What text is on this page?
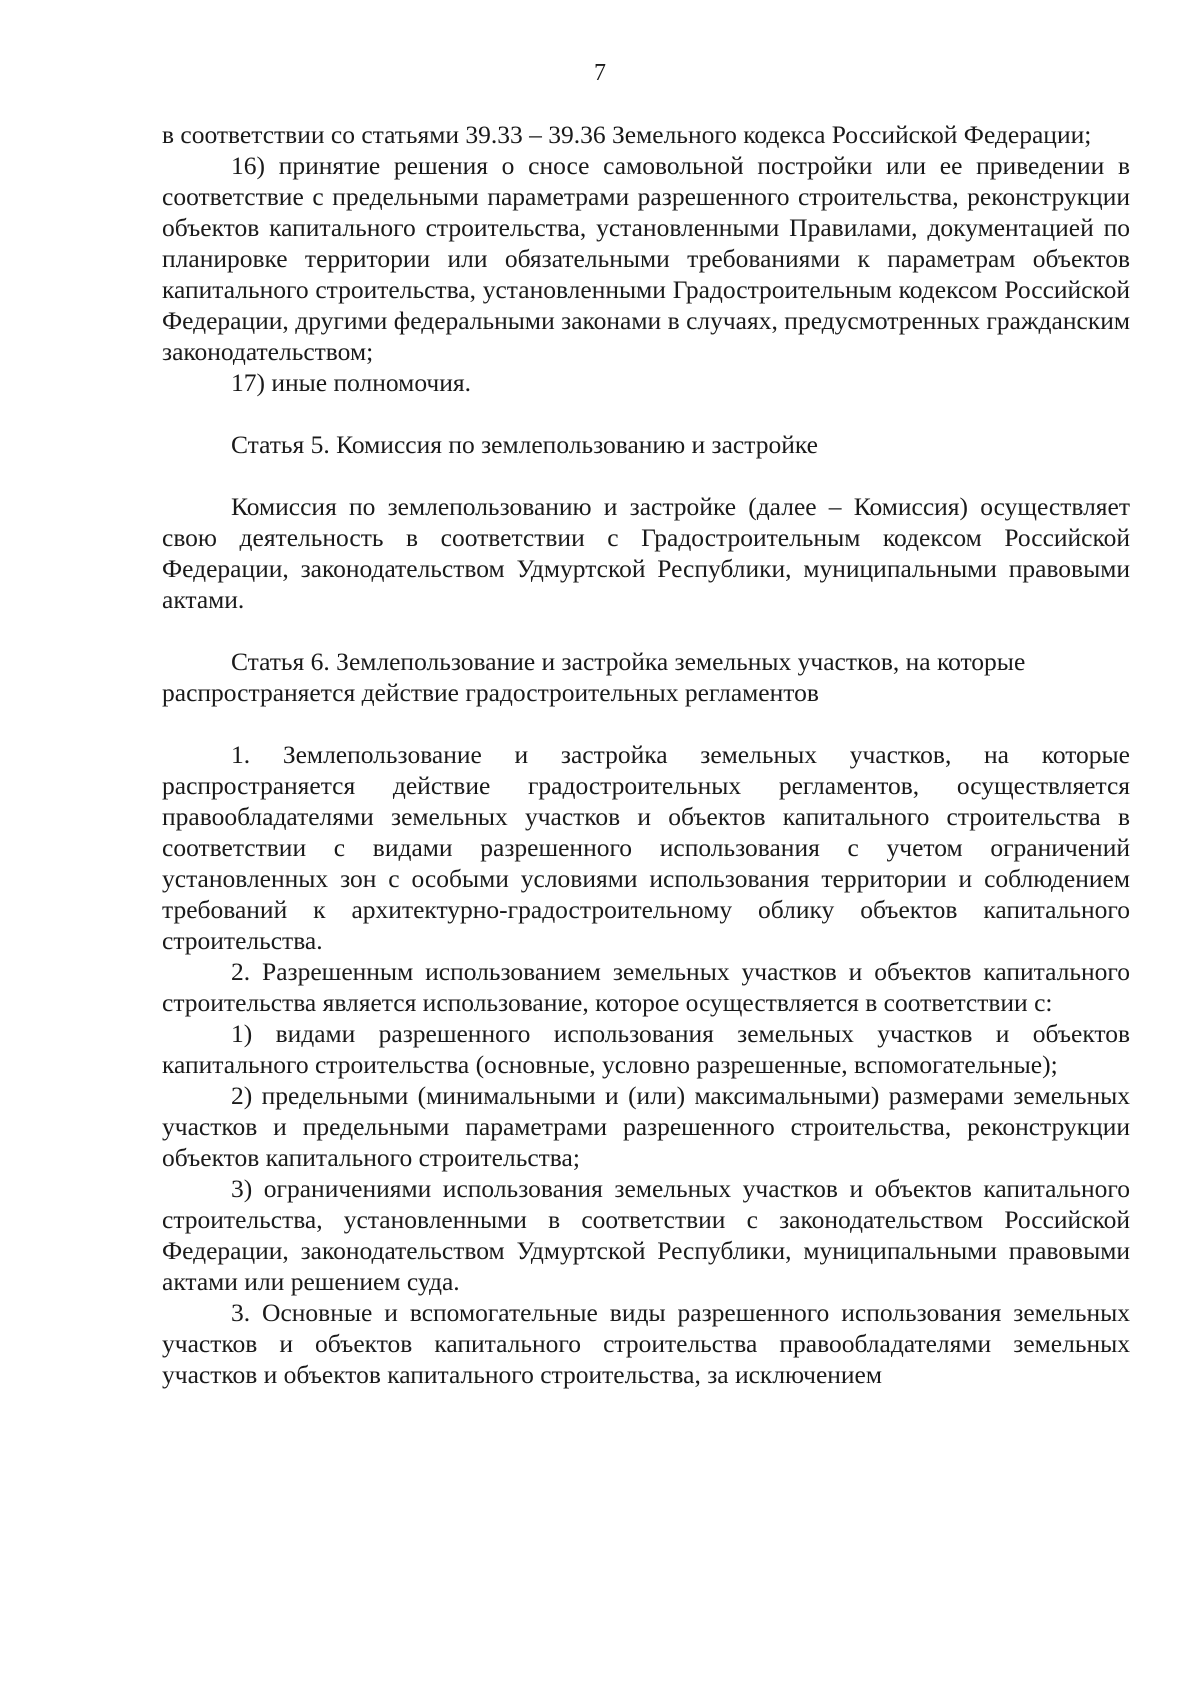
7

в соответствии со статьями 39.33 – 39.36 Земельного кодекса Российской Федерации;

16) принятие решения о сносе самовольной постройки или ее приведении в соответствие с предельными параметрами разрешенного строительства, реконструкции объектов капитального строительства, установленными Правилами, документацией по планировке территории или обязательными требованиями к параметрам объектов капитального строительства, установленными Градостроительным кодексом Российской Федерации, другими федеральными законами в случаях, предусмотренных гражданским законодательством;

17) иные полномочия.

Статья 5. Комиссия по землепользованию и застройке

Комиссия по землепользованию и застройке (далее – Комиссия) осуществляет свою деятельность в соответствии с Градостроительным кодексом Российской Федерации, законодательством Удмуртской Республики, муниципальными правовыми актами.

Статья 6. Землепользование и застройка земельных участков, на которые распространяется действие градостроительных регламентов

1. Землепользование и застройка земельных участков, на которые распространяется действие градостроительных регламентов, осуществляется правообладателями земельных участков и объектов капитального строительства в соответствии с видами разрешенного использования с учетом ограничений установленных зон с особыми условиями использования территории и соблюдением требований к архитектурно-градостроительному облику объектов капитального строительства.

2. Разрешенным использованием земельных участков и объектов капитального строительства является использование, которое осуществляется в соответствии с:

1) видами разрешенного использования земельных участков и объектов капитального строительства (основные, условно разрешенные, вспомогательные);

2) предельными (минимальными и (или) максимальными) размерами земельных участков и предельными параметрами разрешенного строительства, реконструкции объектов капитального строительства;

3) ограничениями использования земельных участков и объектов капитального строительства, установленными в соответствии с законодательством Российской Федерации, законодательством Удмуртской Республики, муниципальными правовыми актами или решением суда.

3. Основные и вспомогательные виды разрешенного использования земельных участков и объектов капитального строительства правообладателями земельных участков и объектов капитального строительства, за исключением
